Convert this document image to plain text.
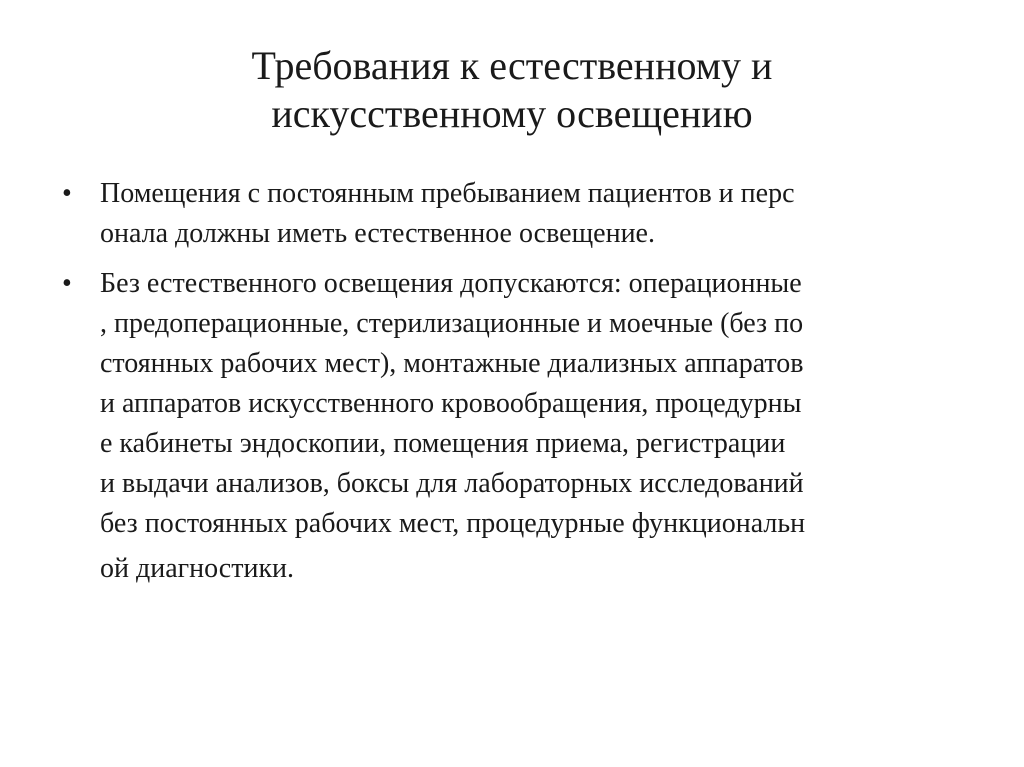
Требования к естественному и
искусственному освещению
• Помещения с постоянным пребыванием пациентов и перс
онала должны иметь естественное освещение.
• Без естественного освещения допускаются: операционные
, предоперационные, стерилизационные и моечные (без по
стоянных рабочих мест), монтажные диализных аппаратов
и аппаратов искусственного кровообращения, процедурны
е кабинеты эндоскопии, помещения приема, регистрации
и выдачи анализов, боксы для лабораторных исследований
без постоянных рабочих мест, процедурные функциональн
ой диагностики.
